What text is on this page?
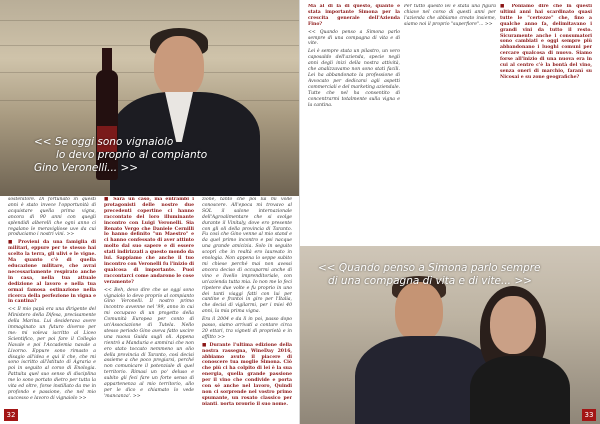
<< Se oggi sono vignaiolo
lo devo proprio al compianto
Gino Veronelli... >>

sostenitore. Di fortunato in questi anni è stato invece l'opportunità di acquistare quella prima vigna, ancora di 90 anni con quegli splendidi alberelli che ogni anno ci regalano le meravigliose uve da cui produciamo i nostri vini. >>

■ Provieni da una famiglia di militari, eppure per te stesso hai scelto la terra, gli ulivi e le vigne. Ma quanto c'è di quella educazione militare, che avrai necessariamente respirato anche in casa, nella tua attuale dedizione al lavoro e nella tua ormai famosa ostinazione nella ricerca della perfezione in vigna e in cantina?

<< Il mio papà era una dirigente del Ministero della Difesa, precisamente della Marina. Lui desiderava avere immaginato un futuro diverso per me: mi voleva iscritto al Liceo Scientifico, per poi fare il Collegio Navale e poi l'Accademia navale a Livorno. Eppure sono rimasto a disagio all'idea e qui il che, che mi sono iscritto all'Istituto di Agraria e poi in seguito al corso di Enologia. Pattuita quel suo senso di disciplina me lo sono portato dietro per tutta la vita ed oltre, forse instillato da me in profondo e passione, che nel mio successo e lavoro di vignaiolo >>

■ Sarà un caso, ma entrambi i protagonisti delle nostre due precedenti copertine ci hanno raccontato del loro illuminante incontro con Luigi Veronelli. Sia Renato Vergo che Daniele Cernilli lo hanno definito "un Maestro" e ci hanno confessato di aver attinto molto dal suo sapere e di essere stati indirizzati a questo mondo da lui. Sappiamo che anche il tuo incontro con Veronelli fu l'inizio di qualcosa di importante. Puoi raccontarci come andarono le cose veramente?

<< Beh, devo dire che se oggi sono vignaiolo lo devo proprio al compianto Gino Veronelli. Il nostro primo incontro avvenne nel '99, anno in cui mi occupavo di un progetto della Comunità Europea per conto di un'Associazione di Tutela. Nello stesso periodo Gino aveva fatto uscire una nuova Guida sugli oli. Appena rientrò a Manduria e ammirai che non ero stato toccato nemmeno un olio della provincia di Taranto, così decisi assieme a che poco pregiarsi, perché non comunicare il potenziale di quel territorio. Rimasi un po' deluso e subito gli feci fare un forte senso di appartenenza al mio territorio, allo per le dico e chiamato lo vede 'mancanza'. >>

zione, tanto che poi lui mi volle conoscere. All'epoca mi trovavo al SOL il salone internazionale dell'Agroalimentare che si svolge durante il Vinitaly, dove ero presente con gli oli della provincia di Taranto. Fu così che Gino venne al mio stand e da quel primo incontro e poi nacque una grande amicizia. Solo in seguito scoprì che in realtà ero laureato in enologia. Non appena lo seppe subito mi chiese perché mai non avessi ancora deciso di occuparmi anche di vino e livello imprenditoriale, con un'azienda tutta mia. Io non me lo feci ripetere due volte e fu proprio in uno dei tanti viaggi fatti con lui per cantine e frantoi in giro per l'Italia, che decisi di vigilarmi, per i miei 40 anni, la mia prima vigna.

Era il 2004 e da lì in poi, passo dopo passo, siamo arrivati a contare circa 20 ettari, tra vigneti di proprietà e in affitto >>

■ Durante l'ultima edizione della nostra rassegna, WineDay 2016, abbiamo avuto il piacere di conoscere tua moglie Simona. Ciò che più ci ha colpito di lei è la sua energia, quella grande passione per il vino che condivide e porta con sé anche nel lavoro, Quindi non ci sorprende nel vostro primo spumante, un rosato classico per pianti, porta proprio il suo nome.

32

Ma al di là di questo, quanto è stata importante Simona per la crescita generale dell'Azienda Fino?

<< Quando penso a Simona parlo sempre di una compagna di vita e di vite.

Lei è sempre stata un pilastro, un vero caposaldo dell'azienda, specie negli anni degli inizi della nostra attività, che analizzavamo non sono stati facili. Lei ha abbandonato la professione di Avvocato per dedicarsi agli aspetti commerciali e del marketing aziendale. Tutte che nel ha consentito di concentrarmi totalmente sulla vigna e la cantina.

Per tutto questo lei è stata una figura chiave nel corso di questi anni per l'azienda che abbiamo creato insieme, siamo noi il proprio "superfiore"... >>

■ Poniamo dire che in questi ultimi anni hai scardinato quasi tutte le "certezze" che, fino a qualche anno fa, delimitavano i grandi vini da tutto il resto. Sicuramente anche i consumatori sono cambiati e oggi sempre più abbandonano i luoghi comuni per cercare qualcosa di nuovo. Siamo forse all'inizio di una nuova era in cui al centro c'è la bontà del vino, senza oneri di marchio, faranì su Nicosai e su zone geografiche?

<< Quando penso a Simona parlo sempre
di una compagna di vita e di vite... >>
33
